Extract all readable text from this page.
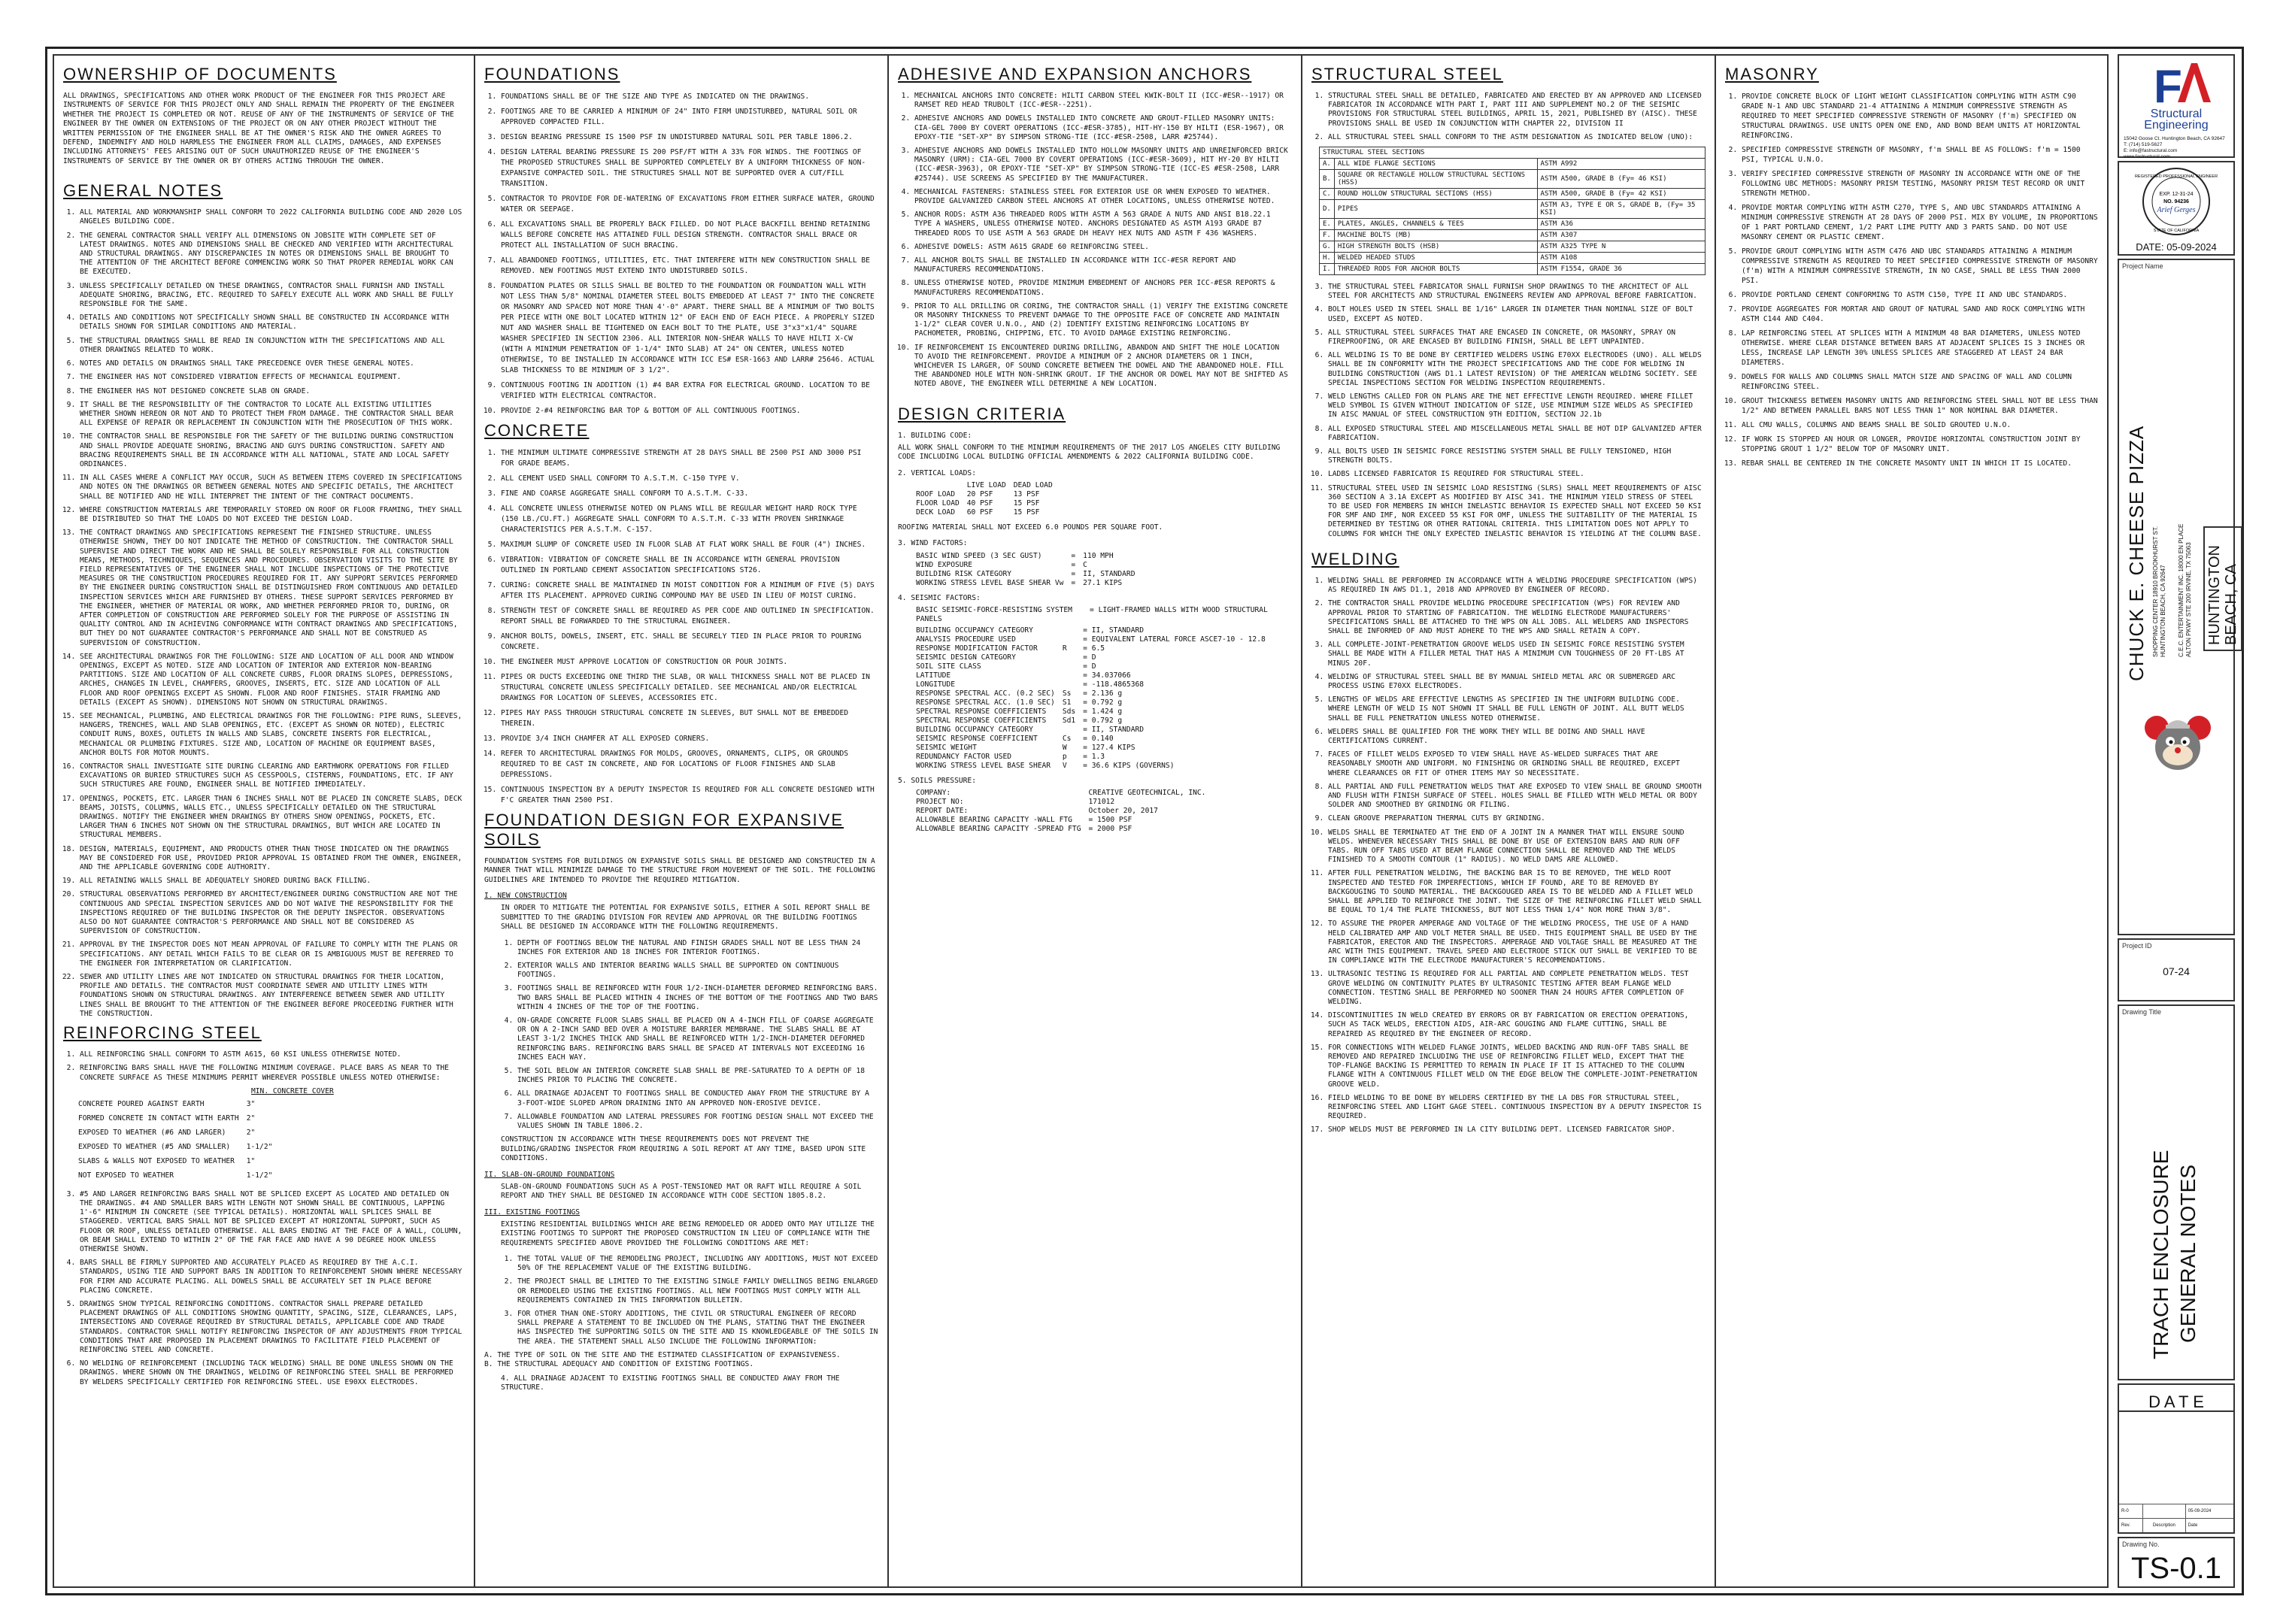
OWNERSHIP OF DOCUMENTS

ALL DRAWINGS, SPECIFICATIONS AND OTHER WORK PRODUCT OF THE ENGINEER FOR THIS PROJECT ARE INSTRUMENTS OF SERVICE FOR THIS PROJECT ONLY AND SHALL REMAIN THE PROPERTY OF THE ENGINEER WHETHER THE PROJECT IS COMPLETED OR NOT. REUSE OF ANY OF THE INSTRUMENTS OF SERVICE OF THE ENGINEER BY THE OWNER ON EXTENSIONS OF THE PROJECT OR ON ANY OTHER PROJECT WITHOUT THE WRITTEN PERMISSION OF THE ENGINEER SHALL BE AT THE OWNER'S RISK AND THE OWNER AGREES TO DEFEND, INDEMNIFY AND HOLD HARMLESS THE ENGINEER FROM ALL CLAIMS, DAMAGES, AND EXPENSES INCLUDING ATTORNEYS' FEES ARISING OUT OF SUCH UNAUTHORIZED REUSE OF THE ENGINEER'S INSTRUMENTS OF SERVICE BY THE OWNER OR BY OTHERS ACTING THROUGH THE OWNER.

GENERAL NOTES
1. ALL MATERIAL AND WORKMANSHIP SHALL CONFORM TO 2022 CALIFORNIA BUILDING CODE AND 2020 LOS ANGELES BUILDING CODE.
2. THE GENERAL CONTRACTOR SHALL VERIFY ALL DIMENSIONS ON JOBSITE WITH COMPLETE SET OF LATEST DRAWINGS. NOTES AND DIMENSIONS SHALL BE CHECKED AND VERIFIED WITH ARCHITECTURAL AND STRUCTURAL DRAWINGS. ANY DISCREPANCIES IN NOTES OR DIMENSIONS SHALL BE BROUGHT TO THE ATTENTION OF THE ARCHITECT BEFORE COMMENCING WORK SO THAT PROPER REMEDIAL WORK CAN BE EXECUTED.
3. UNLESS SPECIFICALLY DETAILED ON THESE DRAWINGS, CONTRACTOR SHALL FURNISH AND INSTALL ADEQUATE SHORING, BRACING, ETC. REQUIRED TO SAFELY EXECUTE ALL WORK AND SHALL BE FULLY RESPONSIBLE FOR THE SAME.
4. DETAILS AND CONDITIONS NOT SPECIFICALLY SHOWN SHALL BE CONSTRUCTED IN ACCORDANCE WITH DETAILS SHOWN FOR SIMILAR CONDITIONS AND MATERIAL.
5. THE STRUCTURAL DRAWINGS SHALL BE READ IN CONJUNCTION WITH THE SPECIFICATIONS AND ALL OTHER DRAWINGS RELATED TO WORK.
6. NOTES AND DETAILS ON DRAWINGS SHALL TAKE PRECEDENCE OVER THESE GENERAL NOTES.
7. THE ENGINEER HAS NOT CONSIDERED VIBRATION EFFECTS OF MECHANICAL EQUIPMENT.
8. THE ENGINEER HAS NOT DESIGNED CONCRETE SLAB ON GRADE.
9. IT SHALL BE THE RESPONSIBILITY OF THE CONTRACTOR TO LOCATE ALL EXISTING UTILITIES WHETHER SHOWN HEREON OR NOT AND TO PROTECT THEM FROM DAMAGE. THE CONTRACTOR SHALL BEAR ALL EXPENSE OF REPAIR OR REPLACEMENT IN CONJUNCTION WITH THE PROSECUTION OF THIS WORK.
10. THE CONTRACTOR SHALL BE RESPONSIBLE FOR THE SAFETY OF THE BUILDING DURING CONSTRUCTION AND SHALL PROVIDE ADEQUATE SHORING, BRACING AND GUYS DURING CONSTRUCTION. SAFETY AND BRACING REQUIREMENTS SHALL BE IN ACCORDANCE WITH ALL NATIONAL, STATE AND LOCAL SAFETY ORDINANCES.
11. IN ALL CASES WHERE A CONFLICT MAY OCCUR, SUCH AS BETWEEN ITEMS COVERED IN SPECIFICATIONS AND NOTES ON THE DRAWINGS OR BETWEEN GENERAL NOTES AND SPECIFIC DETAILS, THE ARCHITECT SHALL BE NOTIFIED AND HE WILL INTERPRET THE INTENT OF THE CONTRACT DOCUMENTS.
12. WHERE CONSTRUCTION MATERIALS ARE TEMPORARILY STORED ON ROOF OR FLOOR FRAMING, THEY SHALL BE DISTRIBUTED SO THAT THE LOADS DO NOT EXCEED THE DESIGN LOAD.
13. THE CONTRACT DRAWINGS AND SPECIFICATIONS REPRESENT THE FINISHED STRUCTURE. UNLESS OTHERWISE SHOWN, THEY DO NOT INDICATE THE METHOD OF CONSTRUCTION. THE CONTRACTOR SHALL SUPERVISE AND DIRECT THE WORK AND HE SHALL BE SOLELY RESPONSIBLE FOR ALL CONSTRUCTION MEANS, METHODS, TECHNIQUES, SEQUENCES AND PROCEDURES. OBSERVATION VISITS TO THE SITE BY FIELD REPRESENTATIVES OF THE ENGINEER SHALL NOT INCLUDE INSPECTIONS OF THE PROTECTIVE MEASURES OR THE CONSTRUCTION PROCEDURES REQUIRED FOR IT. ANY SUPPORT SERVICES PERFORMED BY THE ENGINEER DURING CONSTRUCTION SHALL BE DISTINGUISHED FROM CONTINUOUS AND DETAILED INSPECTION SERVICES WHICH ARE FURNISHED BY OTHERS. THESE SUPPORT SERVICES PERFORMED BY THE ENGINEER, WHETHER OF MATERIAL OR WORK, AND WHETHER PERFORMED PRIOR TO, DURING, OR AFTER COMPLETION OF CONSTRUCTION ARE PERFORMED SOLELY FOR THE PURPOSE OF ASSISTING IN QUALITY CONTROL AND IN ACHIEVING CONFORMANCE WITH CONTRACT DRAWINGS AND SPECIFICATIONS, BUT THEY DO NOT GUARANTEE CONTRACTOR'S PERFORMANCE AND SHALL NOT BE CONSTRUED AS SUPERVISION OF CONSTRUCTION.
14. SEE ARCHITECTURAL DRAWINGS FOR THE FOLLOWING: SIZE AND LOCATION OF ALL DOOR AND WINDOW OPENINGS, EXCEPT AS NOTED. SIZE AND LOCATION OF INTERIOR AND EXTERIOR NON-BEARING PARTITIONS. SIZE AND LOCATION OF ALL CONCRETE CURBS, FLOOR DRAINS SLOPES, DEPRESSIONS, ARCHES, CHANGES IN LEVEL, CHAMFERS, GROOVES, INSERTS, ETC. SIZE AND LOCATION OF ALL FLOOR AND ROOF OPENINGS EXCEPT AS SHOWN. FLOOR AND ROOF FINISHES. STAIR FRAMING AND DETAILS (EXCEPT AS SHOWN). DIMENSIONS NOT SHOWN ON STRUCTURAL DRAWINGS.
15. SEE MECHANICAL, PLUMBING, AND ELECTRICAL DRAWINGS FOR THE FOLLOWING: PIPE RUNS, SLEEVES, HANGERS, TRENCHES, WALL AND SLAB OPENINGS, ETC. (EXCEPT AS SHOWN OR NOTED), ELECTRIC CONDUIT RUNS, BOXES, OUTLETS IN WALLS AND SLABS, CONCRETE INSERTS FOR ELECTRICAL, MECHANICAL OR PLUMBING FIXTURES. SIZE AND, LOCATION OF MACHINE OR EQUIPMENT BASES, ANCHOR BOLTS FOR MOTOR MOUNTS.
16. CONTRACTOR SHALL INVESTIGATE SITE DURING CLEARING AND EARTHWORK OPERATIONS FOR FILLED EXCAVATIONS OR BURIED STRUCTURES SUCH AS CESSPOOLS, CISTERNS, FOUNDATIONS, ETC. IF ANY SUCH STRUCTURES ARE FOUND, ENGINEER SHALL BE NOTIFIED IMMEDIATELY.
17. OPENINGS, POCKETS, ETC. LARGER THAN 6 INCHES SHALL NOT BE PLACED IN CONCRETE SLABS, DECK BEAMS, JOISTS, COLUMNS, WALLS ETC., UNLESS SPECIFICALLY DETAILED ON THE STRUCTURAL DRAWINGS. NOTIFY THE ENGINEER WHEN DRAWINGS BY OTHERS SHOW OPENINGS, POCKETS, ETC. LARGER THAN 6 INCHES NOT SHOWN ON THE STRUCTURAL DRAWINGS, BUT WHICH ARE LOCATED IN STRUCTURAL MEMBERS.
18. DESIGN, MATERIALS, EQUIPMENT, AND PRODUCTS OTHER THAN THOSE INDICATED ON THE DRAWINGS MAY BE CONSIDERED FOR USE, PROVIDED PRIOR APPROVAL IS OBTAINED FROM THE OWNER, ENGINEER, AND THE APPLICABLE GOVERNING CODE AUTHORITY.
19. ALL RETAINING WALLS SHALL BE ADEQUATELY SHORED DURING BACK FILLING.
20. STRUCTURAL OBSERVATIONS PERFORMED BY ARCHITECT/ENGINEER DURING CONSTRUCTION ARE NOT THE CONTINUOUS AND SPECIAL INSPECTION SERVICES AND DO NOT WAIVE THE RESPONSIBILITY FOR THE INSPECTIONS REQUIRED OF THE BUILDING INSPECTOR OR THE DEPUTY INSPECTOR. OBSERVATIONS ALSO DO NOT GUARANTEE CONTRACTOR'S PERFORMANCE AND SHALL NOT BE CONSIDERED AS SUPERVISION OF CONSTRUCTION.
21. APPROVAL BY THE INSPECTOR DOES NOT MEAN APPROVAL OF FAILURE TO COMPLY WITH THE PLANS OR SPECIFICATIONS. ANY DETAIL WHICH FAILS TO BE CLEAR OR IS AMBIGUOUS MUST BE REFERRED TO THE ENGINEER FOR INTERPRETATION OR CLARIFICATION.
22. SEWER AND UTILITY LINES ARE NOT INDICATED ON STRUCTURAL DRAWINGS FOR THEIR LOCATION, PROFILE AND DETAILS. THE CONTRACTOR MUST COORDINATE SEWER AND UTILITY LINES WITH FOUNDATIONS SHOWN ON STRUCTURAL DRAWINGS. ANY INTERFERENCE BETWEEN SEWER AND UTILITY LINES SHALL BE BROUGHT TO THE ATTENTION OF THE ENGINEER BEFORE PROCEEDING FURTHER WITH THE CONSTRUCTION.
REINFORCING STEEL
1. ALL REINFORCING SHALL CONFORM TO ASTM A615, 60 KSI UNLESS OTHERWISE NOTED.
2. REINFORCING BARS SHALL HAVE THE FOLLOWING MINIMUM COVERAGE. PLACE BARS AS NEAR TO THE CONCRETE SURFACE AS THESE MINIMUMS PERMIT WHEREVER POSSIBLE UNLESS NOTED OTHERWISE:
MIN. CONCRETE COVER
CONCRETE POURED AGAINST EARTH	3"
FORMED CONCRETE IN CONTACT WITH EARTH	2"
EXPOSED TO WEATHER (#6 AND LARGER)	2"
EXPOSED TO WEATHER (#5 AND SMALLER)	1-1/2"
SLABS & WALLS NOT EXPOSED TO WEATHER	1"
NOT EXPOSED TO WEATHER	1-1/2"
3. #5 AND LARGER REINFORCING BARS SHALL NOT BE SPLICED EXCEPT AS LOCATED AND DETAILED ON THE DRAWINGS. #4 AND SMALLER BARS WITH LENGTH NOT SHOWN SHALL BE CONTINUOUS, LAPPING 1'-6" MINIMUM IN CONCRETE (SEE TYPICAL DETAILS). HORIZONTAL WALL SPLICES SHALL BE STAGGERED. VERTICAL BARS SHALL NOT BE SPLICED EXCEPT AT HORIZONTAL SUPPORT, SUCH AS FLOOR OR ROOF, UNLESS DETAILED OTHERWISE. ALL BARS ENDING AT THE FACE OF A WALL, COLUMN, OR BEAM SHALL EXTEND TO WITHIN 2" OF THE FAR FACE AND HAVE A 90 DEGREE HOOK UNLESS OTHERWISE SHOWN.
4. BARS SHALL BE FIRMLY SUPPORTED AND ACCURATELY PLACED AS REQUIRED BY THE A.C.I. STANDARDS, USING TIE AND SUPPORT BARS IN ADDITION TO REINFORCEMENT SHOWN WHERE NECESSARY FOR FIRM AND ACCURATE PLACING. ALL DOWELS SHALL BE ACCURATELY SET IN PLACE BEFORE PLACING CONCRETE.
5. DRAWINGS SHOW TYPICAL REINFORCING CONDITIONS. CONTRACTOR SHALL PREPARE DETAILED PLACEMENT DRAWINGS OF ALL CONDITIONS SHOWING QUANTITY, SPACING, SIZE, CLEARANCES, LAPS, INTERSECTIONS AND COVERAGE REQUIRED BY STRUCTURAL DETAILS, APPLICABLE CODE AND TRADE STANDARDS. CONTRACTOR SHALL NOTIFY REINFORCING INSPECTOR OF ANY ADJUSTMENTS FROM TYPICAL CONDITIONS THAT ARE PROPOSED IN PLACEMENT DRAWINGS TO FACILITATE FIELD PLACEMENT OF REINFORCING STEEL AND CONCRETE.
6. NO WELDING OF REINFORCEMENT (INCLUDING TACK WELDING) SHALL BE DONE UNLESS SHOWN ON THE DRAWINGS. WHERE SHOWN ON THE DRAWINGS, WELDING OF REINFORCING STEEL SHALL BE PERFORMED BY WELDERS SPECIFICALLY CERTIFIED FOR REINFORCING STEEL. USE E90XX ELECTRODES.
FOUNDATIONS
1. FOUNDATIONS SHALL BE OF THE SIZE AND TYPE AS INDICATED ON THE DRAWINGS.
2. FOOTINGS ARE TO BE CARRIED A MINIMUM OF 24" INTO FIRM UNDISTURBED, NATURAL SOIL OR APPROVED COMPACTED FILL.
3. DESIGN BEARING PRESSURE IS 1500 PSF IN UNDISTURBED NATURAL SOIL PER TABLE 1806.2.
4. DESIGN LATERAL BEARING PRESSURE IS 200 PSF/FT WITH A 33% FOR WINDS. THE FOOTINGS OF THE PROPOSED STRUCTURES SHALL BE SUPPORTED COMPLETELY BY A UNIFORM THICKNESS OF NON-EXPANSIVE COMPACTED SOIL. THE STRUCTURES SHALL NOT BE SUPPORTED OVER A CUT/FILL TRANSITION.
5. CONTRACTOR TO PROVIDE FOR DE-WATERING OF EXCAVATIONS FROM EITHER SURFACE WATER, GROUND WATER OR SEEPAGE.
6. ALL EXCAVATIONS SHALL BE PROPERLY BACK FILLED. DO NOT PLACE BACKFILL BEHIND RETAINING WALLS BEFORE CONCRETE HAS ATTAINED FULL DESIGN STRENGTH. CONTRACTOR SHALL BRACE OR PROTECT ALL INSTALLATION OF SUCH BRACING.
7. ALL ABANDONED FOOTINGS, UTILITIES, ETC. THAT INTERFERE WITH NEW CONSTRUCTION SHALL BE REMOVED. NEW FOOTINGS MUST EXTEND INTO UNDISTURBED SOILS.
8. FOUNDATION PLATES OR SILLS SHALL BE BOLTED TO THE FOUNDATION OR FOUNDATION WALL WITH NOT LESS THAN 5/8" NOMINAL DIAMETER STEEL BOLTS EMBEDDED AT LEAST 7" INTO THE CONCRETE OR MASONRY AND SPACED NOT MORE THAN 4'-0" APART. THERE SHALL BE A MINIMUM OF TWO BOLTS PER PIECE WITH ONE BOLT LOCATED WITHIN 12" OF EACH END OF EACH PIECE. A PROPERLY SIZED NUT AND WASHER SHALL BE TIGHTENED ON EACH BOLT TO THE PLATE, USE 3"x3"x1/4" SQUARE WASHER SPECIFIED IN SECTION 2306. ALL INTERIOR NON-SHEAR WALLS TO HAVE HILTI X-CW (WITH A MINIMUM PENETRATION OF 1-1/4" INTO SLAB) AT 24" ON CENTER, UNLESS NOTED OTHERWISE, TO BE INSTALLED IN ACCORDANCE WITH ICC ES# ESR-1663 AND LARR# 25646. ACTUAL SLAB THICKNESS TO BE MINIMUM OF 3 1/2".
9. CONTINUOUS FOOTING IN ADDITION (1) #4 BAR EXTRA FOR ELECTRICAL GROUND. LOCATION TO BE VERIFIED WITH ELECTRICAL CONTRACTOR.
10. PROVIDE 2-#4 REINFORCING BAR TOP & BOTTOM OF ALL CONTINUOUS FOOTINGS.
CONCRETE
1. THE MINIMUM ULTIMATE COMPRESSIVE STRENGTH AT 28 DAYS SHALL BE 2500 PSI AND 3000 PSI FOR GRADE BEAMS.
2. ALL CEMENT USED SHALL CONFORM TO A.S.T.M. C-150 TYPE V.
3. FINE AND COARSE AGGREGATE SHALL CONFORM TO A.S.T.M. C-33.
4. ALL CONCRETE UNLESS OTHERWISE NOTED ON PLANS WILL BE REGULAR WEIGHT HARD ROCK TYPE (150 LB./CU.FT.) AGGREGATE SHALL CONFORM TO A.S.T.M. C-33 WITH PROVEN SHRINKAGE CHARACTERISTICS PER A.S.T.M. C-157.
5. MAXIMUM SLUMP OF CONCRETE USED IN FLOOR SLAB AT FLAT WORK SHALL BE FOUR (4") INCHES.
6. VIBRATION: VIBRATION OF CONCRETE SHALL BE IN ACCORDANCE WITH GENERAL PROVISION OUTLINED IN PORTLAND CEMENT ASSOCIATION SPECIFICATIONS ST26.
7. CURING: CONCRETE SHALL BE MAINTAINED IN MOIST CONDITION FOR A MINIMUM OF FIVE (5) DAYS AFTER ITS PLACEMENT. APPROVED CURING COMPOUND MAY BE USED IN LIEU OF MOIST CURING.
8. STRENGTH TEST OF CONCRETE SHALL BE REQUIRED AS PER CODE AND OUTLINED IN SPECIFICATION. REPORT SHALL BE FORWARDED TO THE STRUCTURAL ENGINEER.
9. ANCHOR BOLTS, DOWELS, INSERT, ETC. SHALL BE SECURELY TIED IN PLACE PRIOR TO POURING CONCRETE.
10. THE ENGINEER MUST APPROVE LOCATION OF CONSTRUCTION OR POUR JOINTS.
11. PIPES OR DUCTS EXCEEDING ONE THIRD THE SLAB, OR WALL THICKNESS SHALL NOT BE PLACED IN STRUCTURAL CONCRETE UNLESS SPECIFICALLY DETAILED. SEE MECHANICAL AND/OR ELECTRICAL DRAWINGS FOR LOCATION OF SLEEVES, ACCESSORIES ETC.
12. PIPES MAY PASS THROUGH STRUCTURAL CONCRETE IN SLEEVES, BUT SHALL NOT BE EMBEDDED THEREIN.
13. PROVIDE 3/4 INCH CHAMFER AT ALL EXPOSED CORNERS.
14. REFER TO ARCHITECTURAL DRAWINGS FOR MOLDS, GROOVES, ORNAMENTS, CLIPS, OR GROUNDS REQUIRED TO BE CAST IN CONCRETE, AND FOR LOCATIONS OF FLOOR FINISHES AND SLAB DEPRESSIONS.
15. CONTINUOUS INSPECTION BY A DEPUTY INSPECTOR IS REQUIRED FOR ALL CONCRETE DESIGNED WITH F'C GREATER THAN 2500 PSI.
FOUNDATION DESIGN FOR EXPANSIVE SOILS

FOUNDATION SYSTEMS FOR BUILDINGS ON EXPANSIVE SOILS SHALL BE DESIGNED AND CONSTRUCTED IN A MANNER THAT WILL MINIMIZE DAMAGE TO THE STRUCTURE FROM MOVEMENT OF THE SOIL. THE FOLLOWING GUIDELINES ARE INTENDED TO PROVIDE THE REQUIRED MITIGATION.

I. NEW CONSTRUCTION

IN ORDER TO MITIGATE THE POTENTIAL FOR EXPANSIVE SOILS, EITHER A SOIL REPORT SHALL BE SUBMITTED TO THE GRADING DIVISION FOR REVIEW AND APPROVAL OR THE BUILDING FOOTINGS SHALL BE DESIGNED IN ACCORDANCE WITH THE FOLLOWING REQUIREMENTS.

1. DEPTH OF FOOTINGS BELOW THE NATURAL AND FINISH GRADES SHALL NOT BE LESS THAN 24 INCHES FOR EXTERIOR AND 18 INCHES FOR INTERIOR FOOTINGS.
2. EXTERIOR WALLS AND INTERIOR BEARING WALLS SHALL BE SUPPORTED ON CONTINUOUS FOOTINGS.
3. FOOTINGS SHALL BE REINFORCED WITH FOUR 1/2-INCH-DIAMETER DEFORMED REINFORCING BARS. TWO BARS SHALL BE PLACED WITHIN 4 INCHES OF THE BOTTOM OF THE FOOTINGS AND TWO BARS WITHIN 4 INCHES OF THE TOP OF THE FOOTING.
4. ON-GRADE CONCRETE FLOOR SLABS SHALL BE PLACED ON A 4-INCH FILL OF COARSE AGGREGATE OR ON A 2-INCH SAND BED OVER A MOISTURE BARRIER MEMBRANE. THE SLABS SHALL BE AT LEAST 3-1/2 INCHES THICK AND SHALL BE REINFORCED WITH 1/2-INCH-DIAMETER DEFORMED REINFORCING BARS. REINFORCING BARS SHALL BE SPACED AT INTERVALS NOT EXCEEDING 16 INCHES EACH WAY.
5. THE SOIL BELOW AN INTERIOR CONCRETE SLAB SHALL BE PRE-SATURATED TO A DEPTH OF 18 INCHES PRIOR TO PLACING THE CONCRETE.
6. ALL DRAINAGE ADJACENT TO FOOTINGS SHALL BE CONDUCTED AWAY FROM THE STRUCTURE BY A 3-FOOT-WIDE SLOPED APRON DRAINING INTO AN APPROVED NON-EROSIVE DEVICE.
7. ALLOWABLE FOUNDATION AND LATERAL PRESSURES FOR FOOTING DESIGN SHALL NOT EXCEED THE VALUES SHOWN IN TABLE 1806.2.

CONSTRUCTION IN ACCORDANCE WITH THESE REQUIREMENTS DOES NOT PREVENT THE BUILDING/GRADING INSPECTOR FROM REQUIRING A SOIL REPORT AT ANY TIME, BASED UPON SITE CONDITIONS.

II. SLAB-ON-GROUND FOUNDATIONS

SLAB-ON-GROUND FOUNDATIONS SUCH AS A POST-TENSIONED MAT OR RAFT WILL REQUIRE A SOIL REPORT AND THEY SHALL BE DESIGNED IN ACCORDANCE WITH CODE SECTION 1805.8.2.

III. EXISTING FOOTINGS

EXISTING RESIDENTIAL BUILDINGS WHICH ARE BEING REMODELED OR ADDED ONTO MAY UTILIZE THE EXISTING FOOTINGS TO SUPPORT THE PROPOSED CONSTRUCTION IN LIEU OF COMPLIANCE WITH THE REQUIREMENTS SPECIFIED ABOVE PROVIDED THE FOLLOWING CONDITIONS ARE MET:

1. THE TOTAL VALUE OF THE REMODELING PROJECT, INCLUDING ANY ADDITIONS, MUST NOT EXCEED 50% OF THE REPLACEMENT VALUE OF THE EXISTING BUILDING.
2. THE PROJECT SHALL BE LIMITED TO THE EXISTING SINGLE FAMILY DWELLINGS BEING ENLARGED OR REMODELED USING THE EXISTING FOOTINGS. ALL NEW FOOTINGS MUST COMPLY WITH ALL REQUIREMENTS CONTAINED IN THIS INFORMATION BULLETIN.
3. FOR OTHER THAN ONE-STORY ADDITIONS, THE CIVIL OR STRUCTURAL ENGINEER OF RECORD SHALL PREPARE A STATEMENT TO BE INCLUDED ON THE PLANS, STATING THAT THE ENGINEER HAS INSPECTED THE SUPPORTING SOILS ON THE SITE AND IS KNOWLEDGEABLE OF THE SOILS IN THE AREA. THE STATEMENT SHALL ALSO INCLUDE THE FOLLOWING INFORMATION:

A. THE TYPE OF SOIL ON THE SITE AND THE ESTIMATED CLASSIFICATION OF EXPANSIVENESS.

B. THE STRUCTURAL ADEQUACY AND CONDITION OF EXISTING FOOTINGS.

4. ALL DRAINAGE ADJACENT TO EXISTING FOOTINGS SHALL BE CONDUCTED AWAY FROM THE STRUCTURE.

ADHESIVE AND EXPANSION ANCHORS
1. MECHANICAL ANCHORS INTO CONCRETE: HILTI CARBON STEEL KWIK-BOLT II (ICC-#ESR--1917) OR RAMSET RED HEAD TRUBOLT (ICC-#ESR--2251).
2. ADHESIVE ANCHORS AND DOWELS INSTALLED INTO CONCRETE AND GROUT-FILLED MASONRY UNITS: CIA-GEL 7000 BY COVERT OPERATIONS (ICC-#ESR-3785), HIT-HY-150 BY HILTI (ESR-1967), OR EPOXY-TIE "SET-XP" BY SIMPSON STRONG-TIE (ICC-#ESR-2508, LARR #25744).
3. ADHESIVE ANCHORS AND DOWELS INSTALLED INTO HOLLOW MASONRY UNITS AND UNREINFORCED BRICK MASONRY (URM): CIA-GEL 7000 BY COVERT OPERATIONS (ICC-#ESR-3609), HIT HY-20 BY HILTI (ICC-#ESR-3963), OR EPOXY-TIE "SET-XP" BY SIMPSON STRONG-TIE (ICC-ES #ESR-2508, LARR #25744). USE SCREENS AS SPECIFIED BY THE MANUFACTURER.
4. MECHANICAL FASTENERS: STAINLESS STEEL FOR EXTERIOR USE OR WHEN EXPOSED TO WEATHER. PROVIDE GALVANIZED CARBON STEEL ANCHORS AT OTHER LOCATIONS, UNLESS OTHERWISE NOTED.
5. ANCHOR RODS: ASTM A36 THREADED RODS WITH ASTM A 563 GRADE A NUTS AND ANSI B18.22.1 TYPE A WASHERS, UNLESS OTHERWISE NOTED. ANCHORS DESIGNATED AS ASTM A193 GRADE B7 THREADED RODS TO USE ASTM A 563 GRADE DH HEAVY HEX NUTS AND ASTM F 436 WASHERS.
6. ADHESIVE DOWELS: ASTM A615 GRADE 60 REINFORCING STEEL.
7. ALL ANCHOR BOLTS SHALL BE INSTALLED IN ACCORDANCE WITH ICC-#ESR REPORT AND MANUFACTURERS RECOMMENDATIONS.
8. UNLESS OTHERWISE NOTED, PROVIDE MINIMUM EMBEDMENT OF ANCHORS PER ICC-#ESR REPORTS & MANUFACTURERS RECOMMENDATIONS.
9. PRIOR TO ALL DRILLING OR CORING, THE CONTRACTOR SHALL (1) VERIFY THE EXISTING CONCRETE OR MASONRY THICKNESS TO PREVENT DAMAGE TO THE OPPOSITE FACE OF CONCRETE AND MAINTAIN 1-1/2" CLEAR COVER U.N.O., AND (2) IDENTIFY EXISTING REINFORCING LOCATIONS BY PACHOMETER, PROBING, CHIPPING, ETC. TO AVOID DAMAGE EXISTING REINFORCING.
10. IF REINFORCEMENT IS ENCOUNTERED DURING DRILLING, ABANDON AND SHIFT THE HOLE LOCATION TO AVOID THE REINFORCEMENT. PROVIDE A MINIMUM OF 2 ANCHOR DIAMETERS OR 1 INCH, WHICHEVER IS LARGER, OF SOUND CONCRETE BETWEEN THE DOWEL AND THE ABANDONED HOLE. FILL THE ABANDONED HOLE WITH NON-SHRINK GROUT. IF THE ANCHOR OR DOWEL MAY NOT BE SHIFTED AS NOTED ABOVE, THE ENGINEER WILL DETERMINE A NEW LOCATION.
DESIGN CRITERIA
1. BUILDING CODE:

ALL WORK SHALL CONFORM TO THE MINIMUM REQUIREMENTS OF THE 2017 LOS ANGELES CITY BUILDING CODE INCLUDING LOCAL BUILDING OFFICIAL AMENDMENTS & 2022 CALIFORNIA BUILDING CODE.

2. VERTICAL LOADS:
	LIVE LOAD	DEAD LOAD
ROOF LOAD	20 PSF	13 PSF
FLOOR LOAD	40 PSF	15 PSF
DECK LOAD	60 PSF	15 PSF

ROOFING MATERIAL SHALL NOT EXCEED 6.0 POUNDS PER SQUARE FOOT.

3. WIND FACTORS:
BASIC WIND SPEED (3 SEC GUST)	=	110 MPH
WIND EXPOSURE	=	C
BUILDING RISK CATEGORY	=	II, STANDARD
WORKING STRESS LEVEL BASE SHEAR Vw	=	27.1 KIPS
4. SEISMIC FACTORS:

BASIC SEISMIC-FORCE-RESISTING SYSTEM    = LIGHT-FRAMED WALLS WITH WOOD STRUCTURAL PANELS

BUILDING OCCUPANCY CATEGORY		= II, STANDARD
ANALYSIS PROCEDURE USED		= EQUIVALENT LATERAL FORCE ASCE7-10 - 12.8
RESPONSE MODIFICATION FACTOR	R	= 6.5
SEISMIC DESIGN CATEGORY		= D
SOIL SITE CLASS		= D
LATITUDE		= 34.037066
LONGITUDE		= -118.4865368
RESPONSE SPECTRAL ACC. (0.2 SEC)	Ss	= 2.136 g
RESPONSE SPECTRAL ACC. (1.0 SEC)	S1	= 0.792 g
SPECTRAL RESPONSE COEFFICIENTS	Sds	= 1.424 g
SPECTRAL RESPONSE COEFFICIENTS	Sd1	= 0.792 g
BUILDING OCCUPANCY CATEGORY		= II, STANDARD
SEISMIC RESPONSE COEFFICIENT	Cs	= 0.140
SEISMIC WEIGHT	W	= 127.4 KIPS
REDUNDANCY FACTOR USED	p	= 1.3
WORKING STRESS LEVEL BASE SHEAR	V	= 36.6 KIPS (GOVERNS)
5. SOILS PRESSURE:
COMPANY:	CREATIVE GEOTECHNICAL, INC.
PROJECT NO:	171012
REPORT DATE:	October 20, 2017
ALLOWABLE BEARING CAPACITY -WALL FTG	= 1500 PSF
ALLOWABLE BEARING CAPACITY -SPREAD FTG	= 2000 PSF
STRUCTURAL STEEL
1. STRUCTURAL STEEL SHALL BE DETAILED, FABRICATED AND ERECTED BY AN APPROVED AND LICENSED FABRICATOR IN ACCORDANCE WITH PART I, PART III AND SUPPLEMENT NO.2 OF THE SEISMIC PROVISIONS FOR STRUCTURAL STEEL BUILDINGS, APRIL 15, 2021, PUBLISHED BY (AISC). THESE PROVISIONS SHALL BE USED IN CONJUNCTION WITH CHAPTER 22, DIVISION II
2. ALL STRUCTURAL STEEL SHALL CONFORM TO THE ASTM DESIGNATION AS INDICATED BELOW (UNO):
STRUCTURAL STEEL SECTIONS		
A.	ALL WIDE FLANGE SECTIONS	ASTM A992
B.	SQUARE OR RECTANGLE HOLLOW STRUCTURAL SECTIONS (HSS)	ASTM A500, GRADE B (Fy= 46 KSI)
C.	ROUND HOLLOW STRUCTURAL SECTIONS (HSS)	ASTM A500, GRADE B (Fy= 42 KSI)
D.	PIPES	ASTM A3, TYPE E OR S, GRADE B, (Fy= 35 KSI)
E.	PLATES, ANGLES, CHANNELS & TEES	ASTM A36
F.	MACHINE BOLTS (MB)	ASTM A307
G.	HIGH STRENGTH BOLTS (HSB)	ASTM A325 TYPE N
H.	WELDED HEADED STUDS	ASTM A108
I.	THREADED RODS FOR ANCHOR BOLTS	ASTM F1554, GRADE 36
3. THE STRUCTURAL STEEL FABRICATOR SHALL FURNISH SHOP DRAWINGS TO THE ARCHITECT OF ALL STEEL FOR ARCHITECTS AND STRUCTURAL ENGINEERS REVIEW AND APPROVAL BEFORE FABRICATION.
4. BOLT HOLES USED IN STEEL SHALL BE 1/16" LARGER IN DIAMETER THAN NOMINAL SIZE OF BOLT USED, EXCEPT AS NOTED.
5. ALL STRUCTURAL STEEL SURFACES THAT ARE ENCASED IN CONCRETE, OR MASONRY, SPRAY ON FIREPROOFING, OR ARE ENCASED BY BUILDING FINISH, SHALL BE LEFT UNPAINTED.
6. ALL WELDING IS TO BE DONE BY CERTIFIED WELDERS USING E70XX ELECTRODES (UNO). ALL WELDS SHALL BE IN CONFORMITY WITH THE PROJECT SPECIFICATIONS AND THE CODE FOR WELDING IN BUILDING CONSTRUCTION (AWS D1.1 LATEST REVISION) OF THE AMERICAN WELDING SOCIETY. SEE SPECIAL INSPECTIONS SECTION FOR WELDING INSPECTION REQUIREMENTS.
7. WELD LENGTHS CALLED FOR ON PLANS ARE THE NET EFFECTIVE LENGTH REQUIRED. WHERE FILLET WELD SYMBOL IS GIVEN WITHOUT INDICATION OF SIZE, USE MINIMUM SIZE WELDS AS SPECIFIED IN AISC MANUAL OF STEEL CONSTRUCTION 9TH EDITION, SECTION J2.1b
8. ALL EXPOSED STRUCTURAL STEEL AND MISCELLANEOUS METAL SHALL BE HOT DIP GALVANIZED AFTER FABRICATION.
9. ALL BOLTS USED IN SEISMIC FORCE RESISTING SYSTEM SHALL BE FULLY TENSIONED, HIGH STRENGTH BOLTS.
10. LADBS LICENSED FABRICATOR IS REQUIRED FOR STRUCTURAL STEEL.
11. STRUCTURAL STEEL USED IN SEISMIC LOAD RESISTING (SLRS) SHALL MEET REQUIREMENTS OF AISC 360 SECTION A 3.1A EXCEPT AS MODIFIED BY AISC 341. THE MINIMUM YIELD STRESS OF STEEL TO BE USED FOR MEMBERS IN WHICH INELASTIC BEHAVIOR IS EXPECTED SHALL NOT EXCEED 50 KSI FOR SMF AND IMF, NOR EXCEED 55 KSI FOR OMF, UNLESS THE SUITABILITY OF THE MATERIAL IS DETERMINED BY TESTING OR OTHER RATIONAL CRITERIA. THIS LIMITATION DOES NOT APPLY TO COLUMNS FOR WHICH THE ONLY EXPECTED INELASTIC BEHAVIOR IS YIELDING AT THE COLUMN BASE.
WELDING
1. WELDING SHALL BE PERFORMED IN ACCORDANCE WITH A WELDING PROCEDURE SPECIFICATION (WPS) AS REQUIRED IN AWS D1.1, 2018 AND APPROVED BY ENGINEER OF RECORD.
2. THE CONTRACTOR SHALL PROVIDE WELDING PROCEDURE SPECIFICATION (WPS) FOR REVIEW AND APPROVAL PRIOR TO STARTING OF FABRICATION. THE WELDING ELECTRODE MANUFACTURERS' SPECIFICATIONS SHALL BE ATTACHED TO THE WPS ON ALL JOBS. ALL WELDERS AND INSPECTORS SHALL BE INFORMED OF AND MUST ADHERE TO THE WPS AND SHALL RETAIN A COPY.
3. ALL COMPLETE-JOINT-PENETRATION GROOVE WELDS USED IN SEISMIC FORCE RESISTING SYSTEM SHALL BE MADE WITH A FILLER METAL THAT HAS A MINIMUM CVN TOUGHNESS OF 20 FT-LBS AT MINUS 20F.
4. WELDING OF STRUCTURAL STEEL SHALL BE BY MANUAL SHIELD METAL ARC OR SUBMERGED ARC PROCESS USING E70XX ELECTRODES.
5. LENGTHS OF WELDS ARE EFFECTIVE LENGTHS AS SPECIFIED IN THE UNIFORM BUILDING CODE. WHERE LENGTH OF WELD IS NOT SHOWN IT SHALL BE FULL LENGTH OF JOINT. ALL BUTT WELDS SHALL BE FULL PENETRATION UNLESS NOTED OTHERWISE.
6. WELDERS SHALL BE QUALIFIED FOR THE WORK THEY WILL BE DOING AND SHALL HAVE CERTIFICATIONS CURRENT.
7. FACES OF FILLET WELDS EXPOSED TO VIEW SHALL HAVE AS-WELDED SURFACES THAT ARE REASONABLY SMOOTH AND UNIFORM. NO FINISHING OR GRINDING SHALL BE REQUIRED, EXCEPT WHERE CLEARANCES OR FIT OF OTHER ITEMS MAY SO NECESSITATE.
8. ALL PARTIAL AND FULL PENETRATION WELDS THAT ARE EXPOSED TO VIEW SHALL BE GROUND SMOOTH AND FLUSH WITH FINISH SURFACE OF STEEL. HOLES SHALL BE FILLED WITH WELD METAL OR BODY SOLDER AND SMOOTHED BY GRINDING OR FILING.
9. CLEAN GROOVE PREPARATION THERMAL CUTS BY GRINDING.
10. WELDS SHALL BE TERMINATED AT THE END OF A JOINT IN A MANNER THAT WILL ENSURE SOUND WELDS. WHENEVER NECESSARY THIS SHALL BE DONE BY USE OF EXTENSION BARS AND RUN OFF TABS. RUN OFF TABS USED AT BEAM FLANGE CONNECTION SHALL BE REMOVED AND THE WELDS FINISHED TO A SMOOTH CONTOUR (1" RADIUS). NO WELD DAMS ARE ALLOWED.
11. AFTER FULL PENETRATION WELDING, THE BACKING BAR IS TO BE REMOVED, THE WELD ROOT INSPECTED AND TESTED FOR IMPERFECTIONS, WHICH IF FOUND, ARE TO BE REMOVED BY BACKGOUGING TO SOUND MATERIAL. THE BACKGOUGED AREA IS TO BE WELDED AND A FILLET WELD SHALL BE APPLIED TO REINFORCE THE JOINT. THE SIZE OF THE REINFORCING FILLET WELD SHALL BE EQUAL TO 1/4 THE PLATE THICKNESS, BUT NOT LESS THAN 1/4" NOR MORE THAN 3/8".
12. TO ASSURE THE PROPER AMPERAGE AND VOLTAGE OF THE WELDING PROCESS, THE USE OF A HAND HELD CALIBRATED AMP AND VOLT METER SHALL BE USED. THIS EQUIPMENT SHALL BE USED BY THE FABRICATOR, ERECTOR AND THE INSPECTORS. AMPERAGE AND VOLTAGE SHALL BE MEASURED AT THE ARC WITH THIS EQUIPMENT. TRAVEL SPEED AND ELECTRODE STICK OUT SHALL BE VERIFIED TO BE IN COMPLIANCE WITH THE ELECTRODE MANUFACTURER'S RECOMMENDATIONS.
13. ULTRASONIC TESTING IS REQUIRED FOR ALL PARTIAL AND COMPLETE PENETRATION WELDS. TEST GROVE WELDING ON CONTINUITY PLATES BY ULTRASONIC TESTING AFTER BEAM FLANGE WELD CONNECTION. TESTING SHALL BE PERFORMED NO SOONER THAN 24 HOURS AFTER COMPLETION OF WELDING.
14. DISCONTINUITIES IN WELD CREATED BY ERRORS OR BY FABRICATION OR ERECTION OPERATIONS, SUCH AS TACK WELDS, ERECTION AIDS, AIR-ARC GOUGING AND FLAME CUTTING, SHALL BE REPAIRED AS REQUIRED BY THE ENGINEER OF RECORD.
15. FOR CONNECTIONS WITH WELDED FLANGE JOINTS, WELDED BACKING AND RUN-OFF TABS SHALL BE REMOVED AND REPAIRED INCLUDING THE USE OF REINFORCING FILLET WELD, EXCEPT THAT THE TOP-FLANGE BACKING IS PERMITTED TO REMAIN IN PLACE IF IT IS ATTACHED TO THE COLUMN FLANGE WITH A CONTINUOUS FILLET WELD ON THE EDGE BELOW THE COMPLETE-JOINT-PENETRATION GROOVE WELD.
16. FIELD WELDING TO BE DONE BY WELDERS CERTIFIED BY THE LA DBS FOR STRUCTURAL STEEL, REINFORCING STEEL AND LIGHT GAGE STEEL. CONTINUOUS INSPECTION BY A DEPUTY INSPECTOR IS REQUIRED.
17. SHOP WELDS MUST BE PERFORMED IN LA CITY BUILDING DEPT. LICENSED FABRICATOR SHOP.
MASONRY
1. PROVIDE CONCRETE BLOCK OF LIGHT WEIGHT CLASSIFICATION COMPLYING WITH ASTM C90 GRADE N-1 AND UBC STANDARD 21-4 ATTAINING A MINIMUM COMPRESSIVE STRENGTH AS REQUIRED TO MEET SPECIFIED COMPRESSIVE STRENGTH OF MASONRY (f'm) SPECIFIED ON STRUCTURAL DRAWINGS. USE UNITS OPEN ONE END, AND BOND BEAM UNITS AT HORIZONTAL REINFORCING.
2. SPECIFIED COMPRESSIVE STRENGTH OF MASONRY, f'm SHALL BE AS FOLLOWS: f'm = 1500 PSI, TYPICAL U.N.O.
3. VERIFY SPECIFIED COMPRESSIVE STRENGTH OF MASONRY IN ACCORDANCE WITH ONE OF THE FOLLOWING UBC METHODS: MASONRY PRISM TESTING, MASONRY PRISM TEST RECORD OR UNIT STRENGTH METHOD.
4. PROVIDE MORTAR COMPLYING WITH ASTM C270, TYPE S, AND UBC STANDARDS ATTAINING A MINIMUM COMPRESSIVE STRENGTH AT 28 DAYS OF 2000 PSI. MIX BY VOLUME, IN PROPORTIONS OF 1 PART PORTLAND CEMENT, 1/2 PART LIME PUTTY AND 3 PARTS SAND. DO NOT USE MASONRY CEMENT OR PLASTIC CEMENT.
5. PROVIDE GROUT COMPLYING WITH ASTM C476 AND UBC STANDARDS ATTAINING A MINIMUM COMPRESSIVE STRENGTH AS REQUIRED TO MEET SPECIFIED COMPRESSIVE STRENGTH OF MASONRY (f'm) WITH A MINIMUM COMPRESSIVE STRENGTH, IN NO CASE, SHALL BE LESS THAN 2000 PSI.
6. PROVIDE PORTLAND CEMENT CONFORMING TO ASTM C150, TYPE II AND UBC STANDARDS.
7. PROVIDE AGGREGATES FOR MORTAR AND GROUT OF NATURAL SAND AND ROCK COMPLYING WITH ASTM C144 AND C404.
8. LAP REINFORCING STEEL AT SPLICES WITH A MINIMUM 48 BAR DIAMETERS, UNLESS NOTED OTHERWISE. WHERE CLEAR DISTANCE BETWEEN BARS AT ADJACENT SPLICES IS 3 INCHES OR LESS, INCREASE LAP LENGTH 30% UNLESS SPLICES ARE STAGGERED AT LEAST 24 BAR DIAMETERS.
9. DOWELS FOR WALLS AND COLUMNS SHALL MATCH SIZE AND SPACING OF WALL AND COLUMN REINFORCING STEEL.
10. GROUT THICKNESS BETWEEN MASONRY UNITS AND REINFORCING STEEL SHALL NOT BE LESS THAN 1/2" AND BETWEEN PARALLEL BARS NOT LESS THAN 1" NOR NOMINAL BAR DIAMETER.
11. ALL CMU WALLS, COLUMNS AND BEAMS SHALL BE SOLID GROUTED U.N.O.
12. IF WORK IS STOPPED AN HOUR OR LONGER, PROVIDE HORIZONTAL CONSTRUCTION JOINT BY STOPPING GROUT 1 1/2" BELOW TOP OF MASONRY UNIT.
13. REBAR SHALL BE CENTERED IN THE CONCRETE MASONTY UNIT IN WHICH IT IS LOCATED.
F
Structural
Engineering
15042 Goose Ct. Huntington Beach, CA 92647
T: (714) 519-5627
E: info@fastructural.com
www.fastructural.com
REGISTERED PROFESSIONAL ENGINEER
EXP. 12-31-24
NO. 94236
Arief Gerges
STATE OF CALIFORNIA
DATE: 05-09-2024
Project Name
CHUCK E. CHEESE PIZZA SHOPPING CENTER 18910 BROOKHURST ST. HUNTINGTON BEACH, CA 92647 C.E.C. ENTERTAINMENT INC. 18000 EN PLACE ALTON PKWY STE 200 IRVINE, TX 75063 HUNTINGTON BEACH, CA
Project ID
07-24
Drawing Title
TRACH ENCLOSURE GENERAL NOTES
D A T E
R-0		05-09-2024
Rev.	Description	Date
Drawing No.
TS-0.1
